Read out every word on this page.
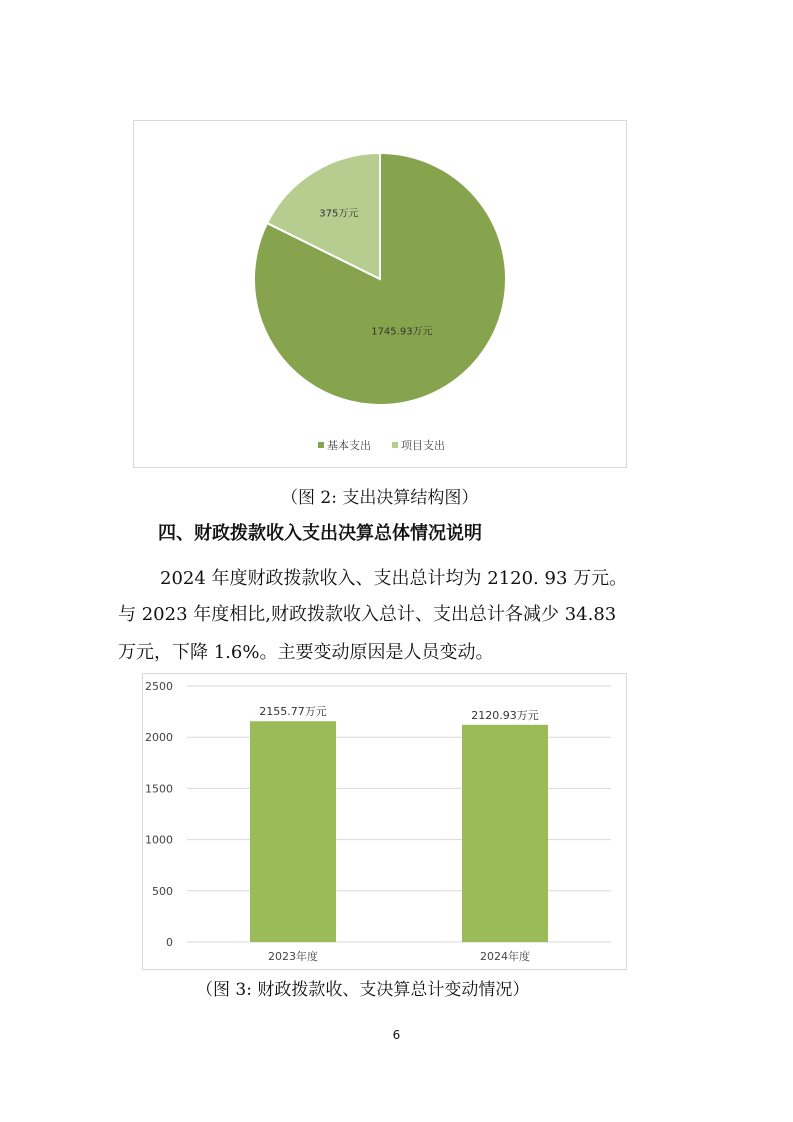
1745.93万元
375万元
基本支出	项目支出
（图 2: 支出决算结构图）
四、财政拨款收入支出决算总体情况说明
2024 年度财政拨款收入、支出总计均为 2120. 93 万元。
与 2023 年度相比,财政拨款收入总计、支出总计各减少 34.83
万元，下降 1.6%。主要变动原因是人员变动。
0
500
1000
1500
2000
2500
2155.77万元
2023年度
2120.93万元
2024年度
（图 3: 财政拨款收、支决算总计变动情况）
6
